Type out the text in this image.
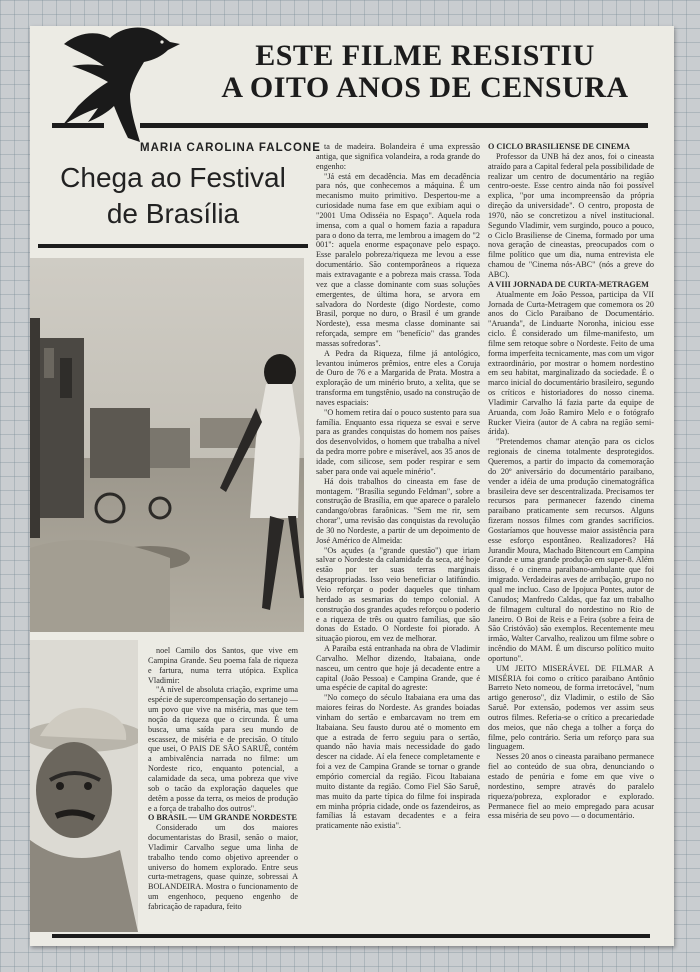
ESTE FILME RESISTIU
A OITO ANOS DE CENSURA
MARIA CAROLINA FALCONE
Chega ao Festival
de Brasília

noel Camilo dos Santos, que vive em Campina Grande. Seu poema fala de riqueza e fartura, numa terra utópica. Explica Vladimir:

"A nível de absoluta criação, exprime uma espécie de supercompensação do sertanejo — um povo que vive na miséria, mas que tem noção da riqueza que o circunda. É uma busca, uma saída para seu mundo de escassez, de miséria e de precisão. O título que usei, O PAIS DE SÃO SARUÊ, contém a ambivalência narrada no filme: um Nordeste rico, enquanto potencial, a calamidade da seca, uma pobreza que vive sob o tacão da exploração daqueles que detêm a posse da terra, os meios de produção e a força de trabalho dos outros".

O BRASIL — UM GRANDE NORDESTE

Considerado um dos maiores documentaristas do Brasil, senão o maior, Vladimir Carvalho segue uma linha de trabalho tendo como objetivo apreender o universo do homem explorado. Entre seus curta-metragens, quase quinze, sobressai A BOLANDEIRA. Mostra o funcionamento de um engenhoco, pequeno engenho de fabricação de rapadura, feito

ta de madeira. Bolandeira é uma expressão antiga, que significa volandeira, a roda grande do engenho:

"Já está em decadência. Mas em decadência para nós, que conhecemos a máquina. É um mecanismo muito primitivo. Despertou-me a curiosidade numa fase em que exibiam aqui o "2001 Uma Odisséia no Espaço". Aquela roda imensa, com a qual o homem fazia a rapadura para o dono da terra, me lembrou a imagem do "2 001": aquela enorme espaçonave pelo espaço. Esse paralelo pobreza/riqueza me levou a esse documentário. São contemporâneos a riqueza mais extravagante e a pobreza mais crassa. Toda vez que a classe dominante com suas soluções emergentes, de última hora, se arvora em salvadora do Nordeste (digo Nordeste, como Brasil, porque no duro, o Brasil é um grande Nordeste), essa mesma classe dominante sai reforçada, sempre em "benefício" das grandes massas sofredoras".

A Pedra da Riqueza, filme já antológico, levantou inúmeros prêmios, entre eles a Coruja de Ouro de 76 e a Margarida de Prata. Mostra a exploração de um minério bruto, a xelita, que se transforma em tungstênio, usado na construção de naves espaciais:

"O homem retira daí o pouco sustento para sua família. Enquanto essa riqueza se esvai e serve para as grandes conquistas do homem nos países dos desenvolvidos, o homem que trabalha a nível da pedra morre pobre e miserável, aos 35 anos de idade, com silicose, sem poder respirar e sem saber para onde vai aquele minério".

Há dois trabalhos do cineasta em fase de montagem. "Brasília segundo Feldman", sobre a construção de Brasília, em que aparece o paralelo candango/obras faraônicas. "Sem me rir, sem chorar", uma revisão das conquistas da revolução de 30 no Nordeste, a partir de um depoimento de José Américo de Almeida:

"Os açudes (a "grande questão") que iriam salvar o Nordeste da calamidade da seca, até hoje estão por ter suas terras marginais desapropriadas. Isso veio beneficiar o latifúndio. Veio reforçar o poder daqueles que tinham herdado as sesmarias do tempo colonial. A construção dos grandes açudes reforçou o poderio e a riqueza de três ou quatro famílias, que são donas do Estado. O Nordeste foi piorado. A situação piorou, em vez de melhorar.

A Paraíba está entranhada na obra de Vladimir Carvalho. Melhor dizendo, Itabaiana, onde nasceu, um centro que hoje já decadente entre a capital (João Pessoa) e Campina Grande, que é uma espécie de capital do agreste:

"No começo do século Itabaiana era uma das maiores feiras do Nordeste. As grandes boiadas vinham do sertão e embarcavam no trem em Itabaiana. Seu fausto durou até o momento em que a estrada de ferro seguiu para o sertão, quando não havia mais necessidade do gado descer na cidade. Aí ela fenece completamente e foi a vez de Campina Grande se tornar o grande empório comercial da região. Ficou Itabaiana muito distante da região. Como Fiel São Saruê, mas muito da parte típica do filme foi inspirada em minha própria cidade, onde os fazendeiros, as famílias lá estavam decadentes e a feira praticamente não existia".

O CICLO BRASILIENSE DE CINEMA

Professor da UNB há dez anos, foi o cineasta atraído para a Capital federal pela possibilidade de realizar um centro de documentário na região centro-oeste. Esse centro ainda não foi possível explica, "por uma incompreensão da própria direção da universidade". O centro, proposta de 1970, não se concretizou a nível institucional. Segundo Vladimir, vem surgindo, pouco a pouco, o Ciclo Brasiliense de Cinema, formado por uma nova geração de cineastas, preocupados com o filme político que um dia, numa entrevista ele chamou de "Cinema nós-ABC" (nós a greve do ABC).

A VIII JORNADA DE CURTA-METRAGEM

Atualmente em João Pessoa, participa da VII Jornada de Curta-Metragem que comemora os 20 anos do Ciclo Paraibano de Documentário. "Aruanda", de Linduarte Noronha, iniciou esse ciclo. É considerado um filme-manifesto, um filme sem retoque sobre o Nordeste. Feito de uma forma imperfeita tecnicamente, mas com um vigor extraordinário, por mostrar o homem nordestino em seu habitat, marginalizado da sociedade. É o marco inicial do documentário brasileiro, segundo os críticos e historiadores do nosso cinema. Vladimir Carvalho lá fazia parte da equipe de Aruanda, com João Ramiro Melo e o fotógrafo Rucker Vieira (autor de A cabra na região semi-árida).

"Pretendemos chamar atenção para os ciclos regionais de cinema totalmente desprotegidos. Queremos, a partir do impacto da comemoração do 20º aniversário do documentário paraibano, vender a idéia de uma produção cinematográfica brasileira deve ser descentralizada. Precisamos ter recursos para permanecer fazendo cinema paraibano praticamente sem recursos. Alguns fizeram nossos filmes com grandes sacrifícios. Gostaríamos que houvesse maior assistência para esse esforço espontâneo. Realizadores? Há Jurandir Moura, Machado Bitencourt em Campina Grande e uma grande produção em super-8. Além disso, é o cinema paraibano-ambulante que foi imigrado. Verdadeiras aves de arribação, grupo no qual me incluo. Caso de Ipojuca Pontes, autor de Canudos; Manfredo Caldas, que faz um trabalho de filmagem cultural do nordestino no Rio de Janeiro. O Boi de Reis e a Feira (sobre a feira de São Cristóvão) são exemplos. Recentemente meu irmão, Walter Carvalho, realizou um filme sobre o incêndio do MAM. É um discurso político muito oportuno".

UM JEITO MISERÁVEL DE FILMAR A MISÉRIA foi como o crítico paraibano Antônio Barreto Neto nomeou, de forma irretocável, "num artigo generoso", diz Vladimir, o estilo de São Saruê. Por extensão, podemos ver assim seus outros filmes. Referia-se o crítico a precariedade dos meios, que não chega a tolher a força do filme, pelo contrário. Seria um reforço para sua linguagem.

Nesses 20 anos o cineasta paraibano permanece fiel ao conteúdo de sua obra, denunciando o estado de penúria e fome em que vive o nordestino, sempre através do paralelo riqueza/pobreza, explorador e explorado. Permanece fiel ao meio empregado para acusar essa miséria de seu povo — o documentário.
